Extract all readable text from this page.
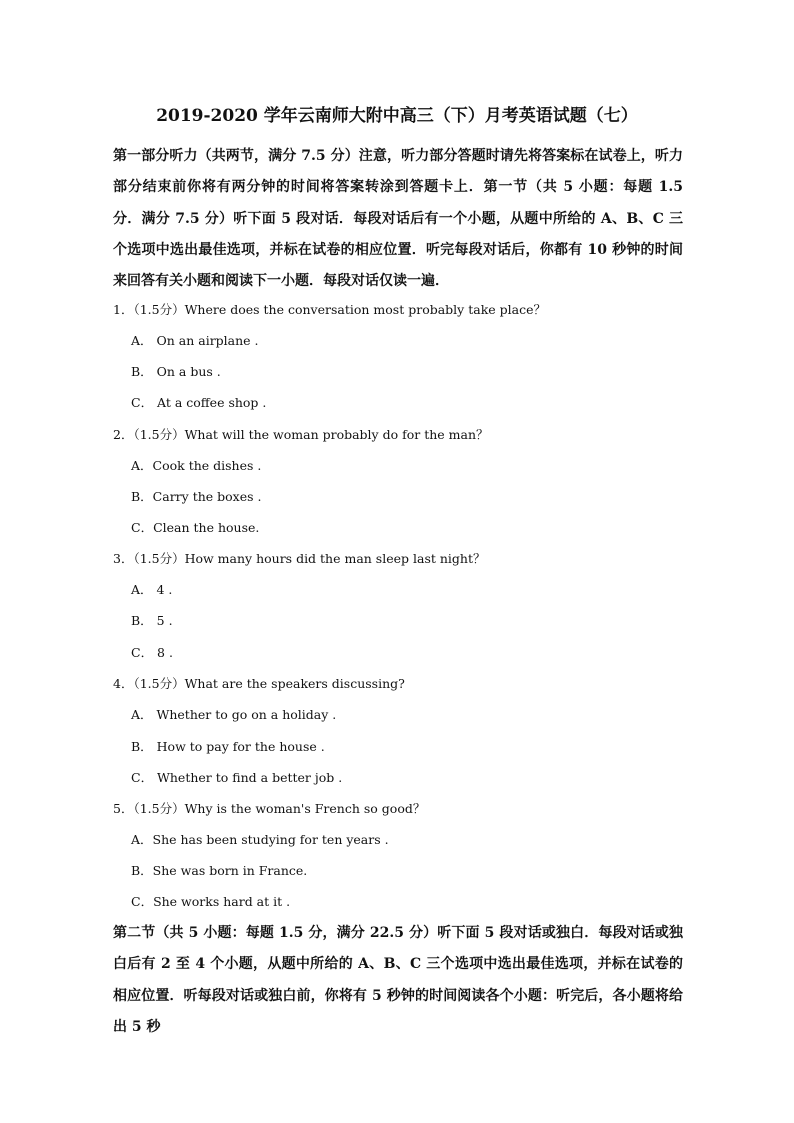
2019-2020 学年云南师大附中高三（下）月考英语试题（七）

第一部分听力（共两节，满分 7.5 分）注意，听力部分答题时请先将答案标在试卷上，听力部分结束前你将有两分钟的时间将答案转涂到答题卡上．第一节（共 5 小题：每题 1.5 分．满分 7.5 分）听下面 5 段对话．每段对话后有一个小题，从题中所给的 A、B、C 三个选项中选出最佳选项，并标在试卷的相应位置．听完每段对话后，你都有 10 秒钟的时间来回答有关小题和阅读下一小题．每段对话仅读一遍．

1．（1.5分）Where does the conversation most probably take place？

A． On an airplane .

B． On a bus .

C． At a coffee shop .

2．（1.5分）What will the woman probably do for the man？

A．Cook the dishes .

B．Carry the boxes .

C．Clean the house.

3．（1.5分）How many hours did the man sleep last night？

A． 4 .

B． 5 .

C． 8 .

4．（1.5分）What are the speakers discussing?

A． Whether to go on a holiday .

B． How to pay for the house .

C． Whether to find a better job .

5．（1.5分）Why is the woman's French so good？

A．She has been studying for ten years .

B．She was born in France.

C．She works hard at it .

第二节（共 5 小题：每题 1.5 分，满分 22.5 分）听下面 5 段对话或独白．每段对话或独白后有 2 至 4 个小题，从题中所给的 A、B、C 三个选项中选出最佳选项，并标在试卷的相应位置．听每段对话或独白前，你将有 5 秒钟的时间阅读各个小题：听完后，各小题将给出 5 秒
